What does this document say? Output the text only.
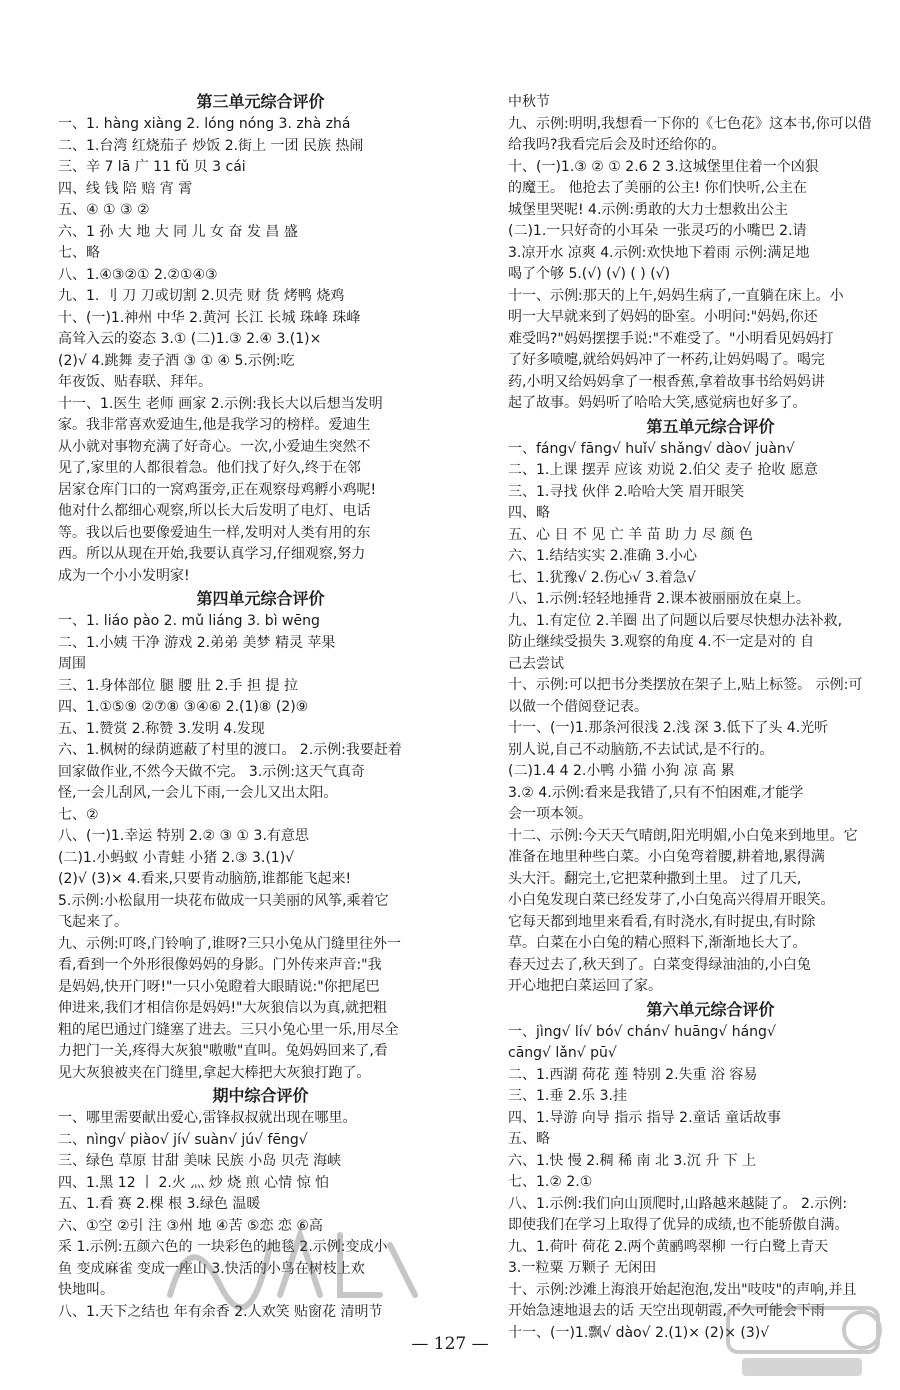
第三单元综合评价
一、1. hàng xiàng 2. lóng nóng 3. zhà zhá
二、1.台湾 红烧茄子 炒饭 2.街上 一团 民族 热闹
三、辛 7 lā 广 11 fǔ 贝 3 cái
四、线 钱 陪 赔 宵 霄
五、④ ① ③ ②
六、1 孙 大 地 大 同 儿 女 奋 发 昌 盛
七、略
八、1.④③②① 2.②①④③
九、1. 刂 刀 刀或切割 2.贝壳 财 货 烤鸭 烧鸡
十、(一)1.神州 中华 2.黄河 长江 长城 珠峰 珠峰
高耸入云的姿态 3.① (二)1.③ 2.④ 3.(1)×
(2)√ 4.跳舞 麦子酒 ③ ① ④ 5.示例:吃
年夜饭、贴春联、拜年。
十一、1.医生 老师 画家 2.示例:我长大以后想当发明
家。我非常喜欢爱迪生,他是我学习的榜样。爱迪生
从小就对事物充满了好奇心。一次,小爱迪生突然不
见了,家里的人都很着急。他们找了好久,终于在邻
居家仓库门口的一窝鸡蛋旁,正在观察母鸡孵小鸡呢!
他对什么都细心观察,所以长大后发明了电灯、电话
等。我以后也要像爱迪生一样,发明对人类有用的东
西。所以从现在开始,我要认真学习,仔细观察,努力
成为一个小小发明家!
第四单元综合评价
一、1. liáo pào 2. mǔ liáng 3. bì wēng
二、1.小姨 干净 游戏 2.弟弟 美梦 精灵 苹果
周围
三、1.身体部位 腿 腰 肚 2.手 担 提 拉
四、1.①⑤⑨ ②⑦⑧ ③④⑥ 2.(1)⑧ (2)⑨
五、1.赞赏 2.称赞 3.发明 4.发现
六、1.枫树的绿荫遮蔽了村里的渡口。 2.示例:我要赶着
回家做作业,不然今天做不完。 3.示例:这天气真奇
怪,一会儿刮风,一会儿下雨,一会儿又出太阳。
七、②
八、(一)1.幸运 特别 2.② ③ ① 3.有意思
(二)1.小蚂蚁 小青蛙 小猪 2.③ 3.(1)√
(2)√ (3)× 4.看来,只要肯动脑筋,谁都能飞起来!
5.示例:小松鼠用一块花布做成一只美丽的风筝,乘着它
飞起来了。
九、示例:叮咚,门铃响了,谁呀?三只小兔从门缝里往外一
看,看到一个外形很像妈妈的身影。门外传来声音:"我
是妈妈,快开门呀!"一只小兔瞪着大眼睛说:"你把尾巴
伸进来,我们才相信你是妈妈!"大灰狼信以为真,就把粗
粗的尾巴通过门缝塞了进去。三只小兔心里一乐,用尽全
力把门一关,疼得大灰狼"嗷嗷"直叫。兔妈妈回来了,看
见大灰狼被夹在门缝里,拿起大棒把大灰狼打跑了。
期中综合评价
一、哪里需要献出爱心,雷锋叔叔就出现在哪里。
二、nìng√ piào√ jí√ suàn√ jú√ fēng√
三、绿色 草原 甘甜 美味 民族 小岛 贝壳 海峡
四、1.黑 12 丨 2.火 灬 炒 烧 煎 心情 惊 怕
五、1.看 赛 2.棵 根 3.绿色 温暖
六、①空 ②引 注 ③州 地 ④苦 ⑤恋 恋 ⑥高
采 1.示例:五颜六色的 一块彩色的地毯 2.示例:变成小
鱼 变成麻雀 变成一座山 3.快活的小鸟在树枝上欢
快地叫。
八、1.天下之结也 年有余香 2.人欢笑 贴窗花 清明节
中秋节
九、示例:明明,我想看一下你的《七色花》这本书,你可以借
给我吗?我看完后会及时还给你的。
十、(一)1.③ ② ① 2.6 2 3.这城堡里住着一个凶狠
的魔王。 他抢去了美丽的公主! 你们快听,公主在
城堡里哭呢! 4.示例:勇敢的大力士想救出公主
(二)1.一只好奇的小耳朵 一张灵巧的小嘴巴 2.请
3.凉开水 凉爽 4.示例:欢快地下着雨 示例:满足地
喝了个够 5.(√) (√) ( ) (√)
十一、示例:那天的上午,妈妈生病了,一直躺在床上。小
明一大早就来到了妈妈的卧室。小明问:"妈妈,你还
难受吗?"妈妈摆摆手说:"不难受了。"小明看见妈妈打
了好多喷嚏,就给妈妈冲了一杯药,让妈妈喝了。喝完
药,小明又给妈妈拿了一根香蕉,拿着故事书给妈妈讲
起了故事。妈妈听了哈哈大笑,感觉病也好多了。
第五单元综合评价
一、fáng√ fāng√ huǐ√ shǎng√ dào√ juàn√
二、1.上课 摆弄 应该 劝说 2.伯父 麦子 抢收 愿意
三、1.寻找 伙伴 2.哈哈大笑 眉开眼笑
四、略
五、心 日 不 见 亡 羊 苗 助 力 尽 颜 色
六、1.结结实实 2.准确 3.小心
七、1.犹豫√ 2.伤心√ 3.着急√
八、1.示例:轻轻地捶背 2.课本被丽丽放在桌上。
九、1.有定位 2.羊圈 出了问题以后要尽快想办法补救,
防止继续受损失 3.观察的角度 4.不一定是对的 自
己去尝试
十、示例:可以把书分类摆放在架子上,贴上标签。 示例:可
以做一个借阅登记表。
十一、(一)1.那条河很浅 2.浅 深 3.低下了头 4.光听
别人说,自己不动脑筋,不去试试,是不行的。
(二)1.4 4 2.小鸭 小猫 小狗 凉 高 累
3.② 4.示例:看来是我错了,只有不怕困难,才能学
会一项本领。
十二、示例:今天天气晴朗,阳光明媚,小白兔来到地里。它
准备在地里种些白菜。小白兔弯着腰,耕着地,累得满
头大汗。翻完土,它把菜种撒到土里。 过了几天,
小白兔发现白菜已经发芽了,小白兔高兴得眉开眼笑。
它每天都到地里来看看,有时浇水,有时捉虫,有时除
草。白菜在小白兔的精心照料下,渐渐地长大了。
春天过去了,秋天到了。白菜变得绿油油的,小白兔
开心地把白菜运回了家。
第六单元综合评价
一、jìng√ lí√ bó√ chán√ huāng√ háng√
cāng√ lǎn√ pū√
二、1.西湖 荷花 莲 特别 2.失重 浴 容易
三、1.垂 2.乐 3.挂
四、1.导游 向导 指示 指导 2.童话 童话故事
五、略
六、1.快 慢 2.稠 稀 南 北 3.沉 升 下 上
七、1.② 2.①
八、1.示例:我们向山顶爬时,山路越来越陡了。 2.示例:
即使我们在学习上取得了优异的成绩,也不能骄傲自满。
九、1.荷叶 荷花 2.两个黄鹂鸣翠柳 一行白鹭上青天
3.一粒粟 万颗子 无闲田
十、示例:沙滩上海浪开始起泡泡,发出"吱吱"的声响,并且
开始急速地退去的话 天空出现朝霞,不久可能会下雨
十一、(一)1.飘√ dào√ 2.(1)× (2)× (3)√
— 127 —
